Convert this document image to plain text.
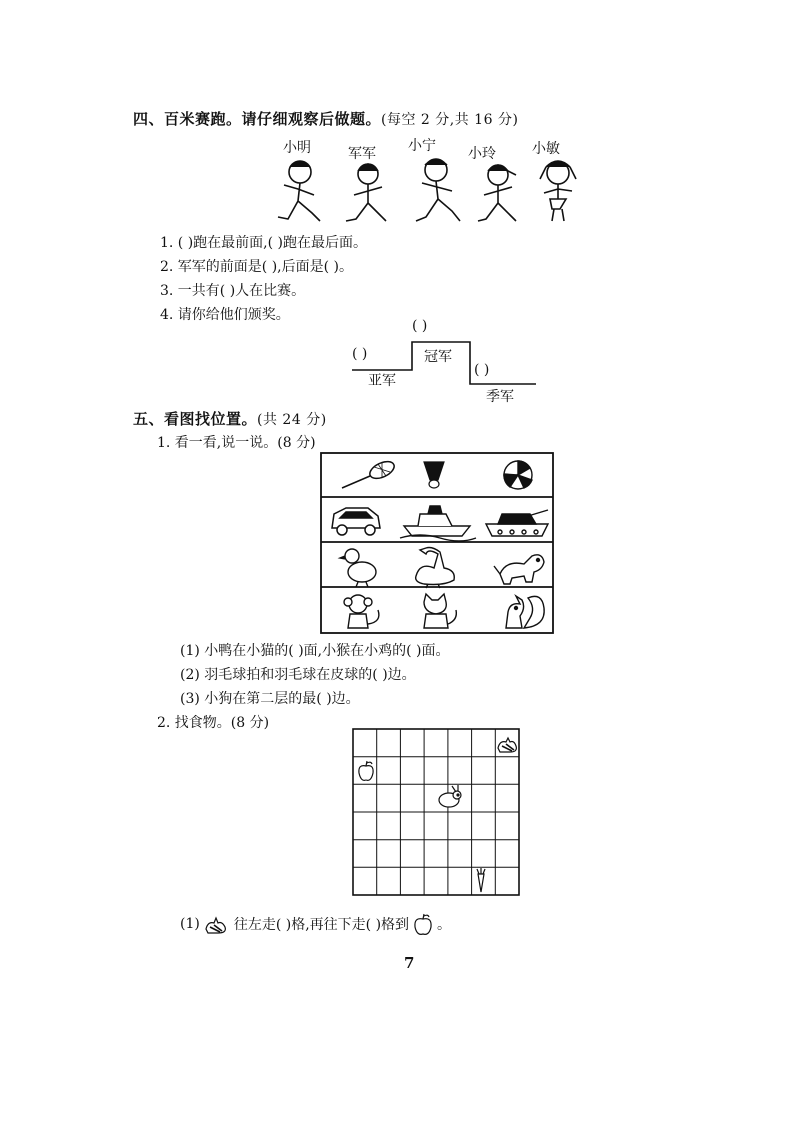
四、百米赛跑。请仔细观察后做题。(每空 2 分,共 16 分)
小明	军军 小宁 小玲	小敏
1. ( )跑在最前面,( )跑在最后面。
2. 军军的前面是( ),后面是( )。
3. 一共有( )人在比赛。
4. 请你给他们颁奖。
( )
冠军
( )
亚军
( )
季军
五、看图找位置。(共 24 分)
1. 看一看,说一说。(8 分)
(1) 小鸭在小猫的( )面,小猴在小鸡的( )面。
(2) 羽毛球拍和羽毛球在皮球的( )边。
(3) 小狗在第二层的最( )边。
2. 找食物。(8 分)
(1) 往左走( )格,再往下走( )格到 。
7
